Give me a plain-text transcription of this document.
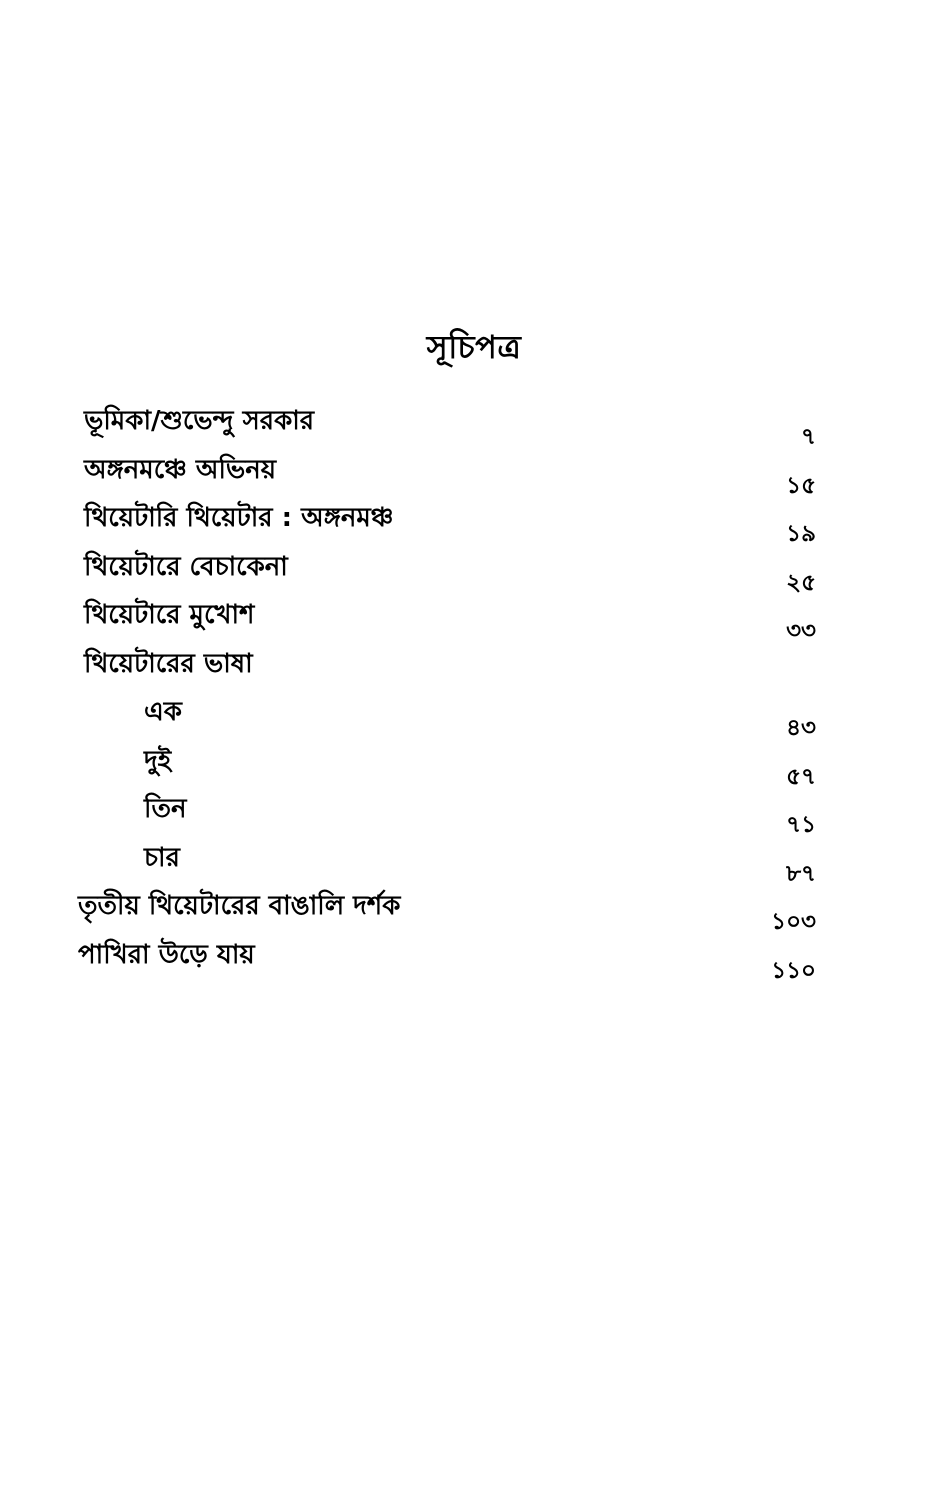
সূচিপত্র
ভূমিকা/শুভেন্দু সরকার
৭
অঙ্গনমঞ্চে অভিনয়
১৫
থিয়েটারি থিয়েটার : অঙ্গনমঞ্চ
১৯
থিয়েটারে বেচাকেনা
২৫
থিয়েটারে মুখোশ
৩৩
থিয়েটারের ভাষা
এক
৪৩
দুই
৫৭
তিন
৭১
চার
৮৭
তৃতীয় থিয়েটারের বাঙালি দর্শক
১০৩
পাখিরা উড়ে যায়
১১০
